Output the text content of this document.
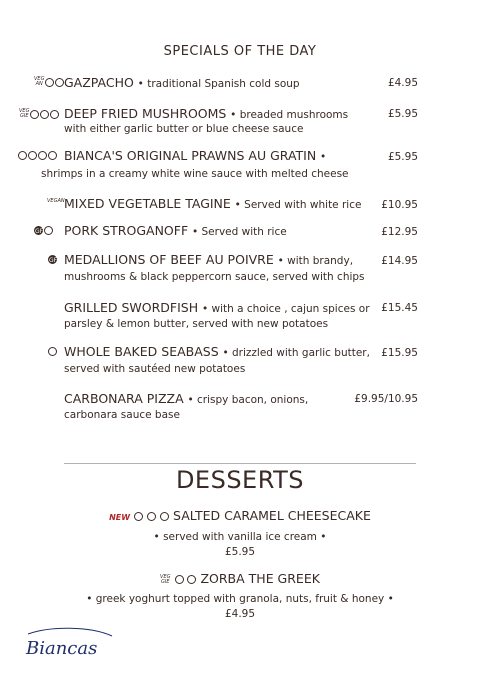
SPECIALS OF THE DAY
VEG
AN GAZPACHO • traditional Spanish cold soup	£4.95
VEG
GIE	DEEP FRIED MUSHROOMS • breaded mushrooms	£5.95
with either garlic butter or blue cheese sauce
BIANCA'S ORIGINAL PRAWNS AU GRATIN •	£5.95
shrimps in a creamy white wine sauce with melted cheese
VEGAN MIXED VEGETABLE TAGINE • Served with white rice £10.95
GF PORK STROGANOFF • Served with rice	£12.95
GF MEDALLIONS OF BEEF AU POIVRE • with brandy,	£14.95
mushrooms & black peppercorn sauce, served with chips
GRILLED SWORDFISH • with a choice , cajun spices or £15.45
parsley & lemon butter, served with new potatoes
WHOLE BAKED SEABASS • drizzled with garlic butter, £15.95
served with sautéed new potatoes
CARBONARA PIZZA • crispy bacon, onions,	£9.95/10.95
carbonara sauce base
DESSERTS
NEW	SALTED CARAMEL CHEESECAKE
• served with vanilla ice cream •
£5.95
VEG
GIE ZORBA THE GREEK
• greek yoghurt topped with granola, nuts, fruit & honey •
£4.95
Biancas
